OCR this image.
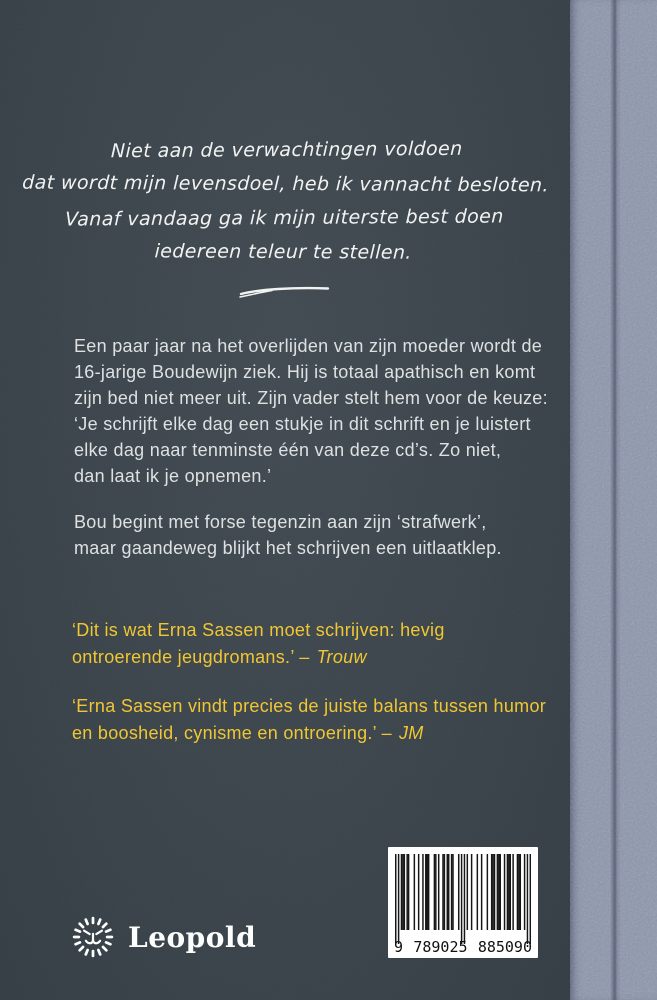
Niet aan de verwachtingen voldoen
dat wordt mijn levensdoel, heb ik vannacht besloten.
Vanaf vandaag ga ik mijn uiterste best doen
iedereen teleur te stellen.
Een paar jaar na het overlijden van zijn moeder wordt de
16-jarige Boudewijn ziek. Hij is totaal apathisch en komt
zijn bed niet meer uit. Zijn vader stelt hem voor de keuze:
‘Je schrijft elke dag een stukje in dit schrift en je luistert
elke dag naar tenminste één van deze cd’s. Zo niet,
dan laat ik je opnemen.’
Bou begint met forse tegenzin aan zijn ‘strafwerk’,
maar gaandeweg blijkt het schrijven een uitlaatklep.
‘Dit is wat Erna Sassen moet schrijven: hevig
ontroerende jeugdromans.’ – Trouw
‘Erna Sassen vindt precies de juiste balans tussen humor
en boosheid, cynisme en ontroering.’ – JM
Leopold	9 789025 885090
